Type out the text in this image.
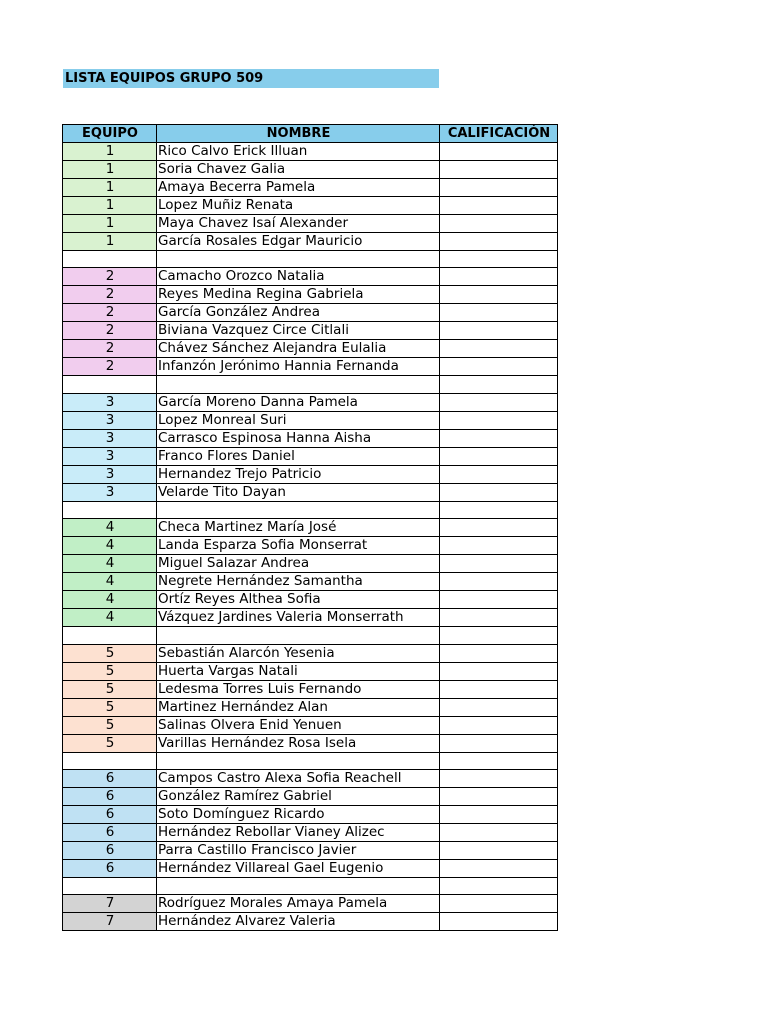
LISTA EQUIPOS GRUPO 509
EQUIPO	NOMBRE	CALIFICACIÓN
1	Rico Calvo Erick Illuan	
1	Soria Chavez Galia	
1	Amaya Becerra Pamela	
1	Lopez Muñiz Renata	
1	Maya Chavez Isaí Alexander	
1	García Rosales Edgar Mauricio	

2	Camacho Orozco Natalia	
2	Reyes Medina Regina Gabriela	
2	García González Andrea	
2	Biviana Vazquez Circe Citlali	
2	Chávez Sánchez Alejandra Eulalia	
2	Infanzón Jerónimo Hannia Fernanda	

3	García Moreno Danna Pamela	
3	Lopez Monreal Suri	
3	Carrasco Espinosa Hanna Aisha	
3	Franco Flores Daniel	
3	Hernandez Trejo Patricio	
3	Velarde Tito Dayan	

4	Checa Martinez María José	
4	Landa Esparza Sofia Monserrat	
4	Miguel Salazar Andrea	
4	Negrete Hernández Samantha	
4	Ortíz Reyes Althea Sofia	
4	Vázquez Jardines Valeria Monserrath	

5	Sebastián Alarcón Yesenia	
5	Huerta Vargas Natali	
5	Ledesma Torres Luis Fernando	
5	Martinez Hernández Alan	
5	Salinas Olvera Enid Yenuen	
5	Varillas Hernández Rosa Isela	

6	Campos Castro Alexa Sofia Reachell	
6	González Ramírez Gabriel	
6	Soto Domínguez Ricardo	
6	Hernández Rebollar Vianey Alizec	
6	Parra Castillo Francisco Javier	
6	Hernández Villareal Gael Eugenio	

7	Rodríguez Morales Amaya Pamela	
7	Hernández Alvarez Valeria	
